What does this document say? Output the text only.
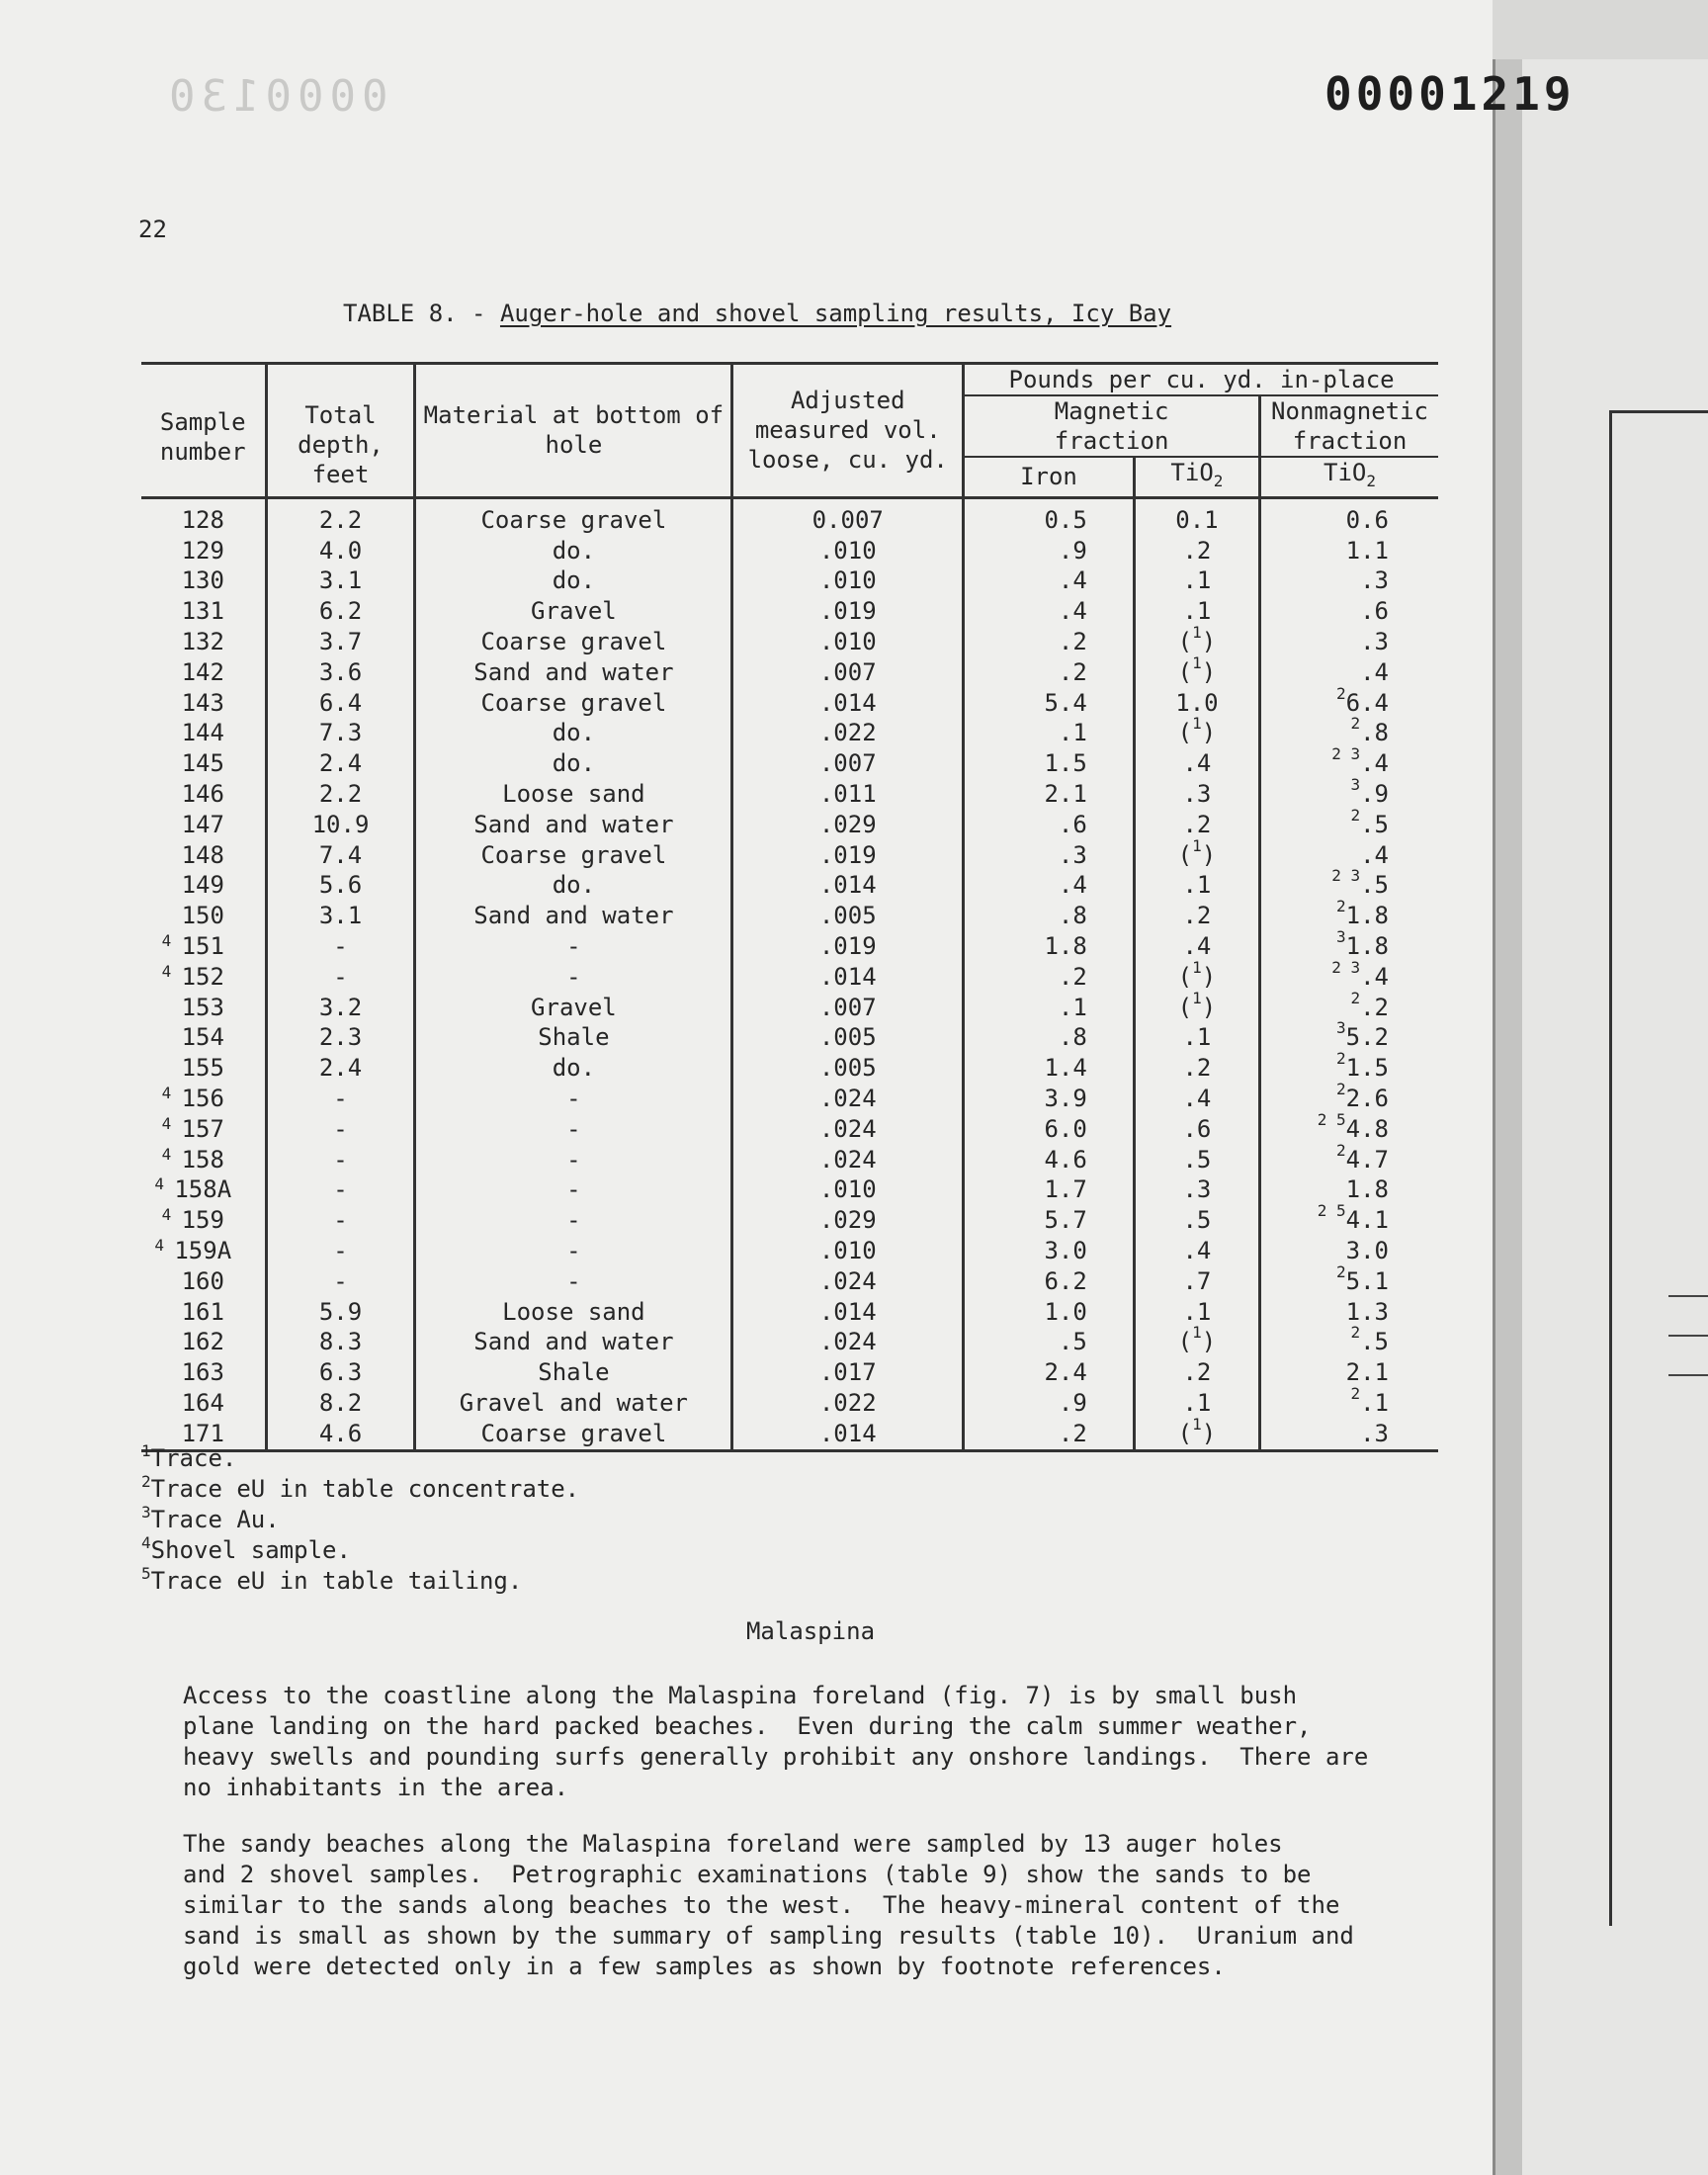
0000130	00001219
22
TABLE 8. - Auger-hole and shovel sampling results, Icy Bay
Sample number	Total depth, feet	Material at bottom of hole	Adjusted measured vol. loose, cu. yd.	Pounds per cu. yd. in-place		
				Magnetic fraction		Nonmagnetic fraction
				Iron	TiO$_2$	TiO$_2$

128	2.2	Coarse gravel	0.007	0.5	0.1	0.6

129	4.0	do.	.010	.9	.2	1.1

130	3.1	do.	.010	.4	.1	.3

131	6.2	Gravel	.019	.4	.1	.6

132	3.7	Coarse gravel	.010	.2	($^1$)	.3

142	3.6	Sand and water	.007	.2	($^1$)	.4

143	6.4	Coarse gravel	.014	5.4	1.0	$^2$6.4

144	7.3	do.	.022	.1	($^1$)	$^2$.8

145	2.4	do.	.007	1.5	.4	$^{2 3}$.4

146	2.2	Loose sand	.011	2.1	.3	$^3$.9

147	10.9	Sand and water	.029	.6	.2	$^2$.5

148	7.4	Coarse gravel	.019	.3	($^1$)	.4

149	5.6	do.	.014	.4	.1	$^{2 3}$.5

150	3.1	Sand and water	.005	.8	.2	$^2$1.8

4 151	-	-	.019	1.8	.4	$^3$1.8

4 152	-	-	.014	.2	($^1$)	$^{2 3}$.4

153	3.2	Gravel	.007	.1	($^1$)	$^2$.2

154	2.3	Shale	.005	.8	.1	$^3$5.2

155	2.4	do.	.005	1.4	.2	$^2$1.5

4 156	-	-	.024	3.9	.4	$^2$2.6

4 157	-	-	.024	6.0	.6	$^{2 5}$4.8

4 158	-	-	.024	4.6	.5	$^2$4.7

4 158A	-	-	.010	1.7	.3	1.8

4 159	-	-	.029	5.7	.5	$^{2 5}$4.1

4 159A	-	-	.010	3.0	.4	3.0

160	-	-	.024	6.2	.7	$^2$5.1

161	5.9	Loose sand	.014	1.0	.1	1.3

162	8.3	Sand and water	.024	.5	($^1$)	$^2$.5

163	6.3	Shale	.017	2.4	.2	2.1

164	8.2	Gravel and water	.022	.9	.1	$^2$.1

171	4.6	Coarse gravel	.014	.2	($^1$)	.3
$^1$Trace.
$^2$Trace eU in table concentrate.
$^3$Trace Au.
$^4$Shovel sample.
$^5$Trace eU in table tailing.
Malaspina
Access to the coastline along the Malaspina foreland (fig. 7) is by small bush
plane landing on the hard packed beaches.  Even during the calm summer weather,
heavy swells and pounding surfs generally prohibit any onshore landings.  There are
no inhabitants in the area.
The sandy beaches along the Malaspina foreland were sampled by 13 auger holes
and 2 shovel samples.  Petrographic examinations (table 9) show the sands to be
similar to the sands along beaches to the west.  The heavy-mineral content of the
sand is small as shown by the summary of sampling results (table 10).  Uranium and
gold were detected only in a few samples as shown by footnote references.
